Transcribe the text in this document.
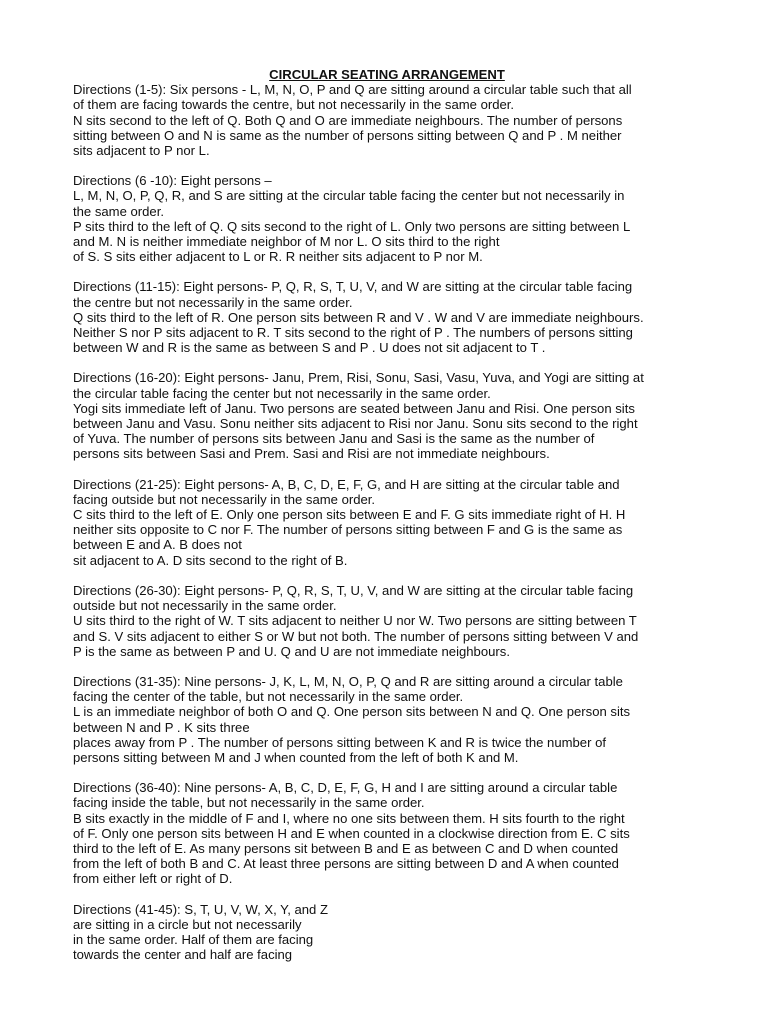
CIRCULAR SEATING ARRANGEMENT
Directions (1-5): Six persons - L, M, N, O, P and Q are sitting around a circular table such that all
of them are facing towards the centre, but not necessarily in the same order.
N sits second to the left of Q. Both Q and O are immediate neighbours. The number of persons
sitting between O and N is same as the number of persons sitting between Q and P . M neither
sits adjacent to P nor L.
Directions (6 -10): Eight persons –
L, M, N, O, P, Q, R, and S are sitting at the circular table facing the center but not necessarily in
the same order.
P sits third to the left of Q. Q sits second to the right of L. Only two persons are sitting between L
and M. N is neither immediate neighbor of M nor L. O sits third to the right
of S. S sits either adjacent to L or R. R neither sits adjacent to P nor M.
Directions (11-15): Eight persons- P, Q, R, S, T, U, V, and W are sitting at the circular table facing
the centre but not necessarily in the same order.
Q sits third to the left of R. One person sits between R and V . W and V are immediate neighbours.
Neither S nor P sits adjacent to R. T sits second to the right of P . The numbers of persons sitting
between W and R is the same as between S and P . U does not sit adjacent to T .
Directions (16-20): Eight persons- Janu, Prem, Risi, Sonu, Sasi, Vasu, Yuva, and Yogi are sitting at
the circular table facing the center but not necessarily in the same order.
Yogi sits immediate left of Janu. Two persons are seated between Janu and Risi. One person sits
between Janu and Vasu. Sonu neither sits adjacent to Risi nor Janu. Sonu sits second to the right
of Yuva. The number of persons sits between Janu and Sasi is the same as the number of
persons sits between Sasi and Prem. Sasi and Risi are not immediate neighbours.
Directions (21-25): Eight persons- A, B, C, D, E, F, G, and H are sitting at the circular table and
facing outside but not necessarily in the same order.
C sits third to the left of E. Only one person sits between E and F. G sits immediate right of H. H
neither sits opposite to C nor F. The number of persons sitting between F and G is the same as
between E and A. B does not
sit adjacent to A. D sits second to the right of B.
Directions (26-30): Eight persons- P, Q, R, S, T, U, V, and W are sitting at the circular table facing
outside but not necessarily in the same order.
U sits third to the right of W. T sits adjacent to neither U nor W. Two persons are sitting between T
and S. V sits adjacent to either S or W but not both. The number of persons sitting between V and
P is the same as between P and U. Q and U are not immediate neighbours.
Directions (31-35): Nine persons- J, K, L, M, N, O, P, Q and R are sitting around a circular table
facing the center of the table, but not necessarily in the same order.
L is an immediate neighbor of both O and Q. One person sits between N and Q. One person sits
between N and P . K sits three
places away from P . The number of persons sitting between K and R is twice the number of
persons sitting between M and J when counted from the left of both K and M.
Directions (36-40): Nine persons- A, B, C, D, E, F, G, H and I are sitting around a circular table
facing inside the table, but not necessarily in the same order.
B sits exactly in the middle of F and I, where no one sits between them. H sits fourth to the right
of F. Only one person sits between H and E when counted in a clockwise direction from E. C sits
third to the left of E. As many persons sit between B and E as between C and D when counted
from the left of both B and C. At least three persons are sitting between D and A when counted
from either left or right of D.
Directions (41-45): S, T, U, V, W, X, Y, and Z
are sitting in a circle but not necessarily
in the same order. Half of them are facing
towards the center and half are facing
